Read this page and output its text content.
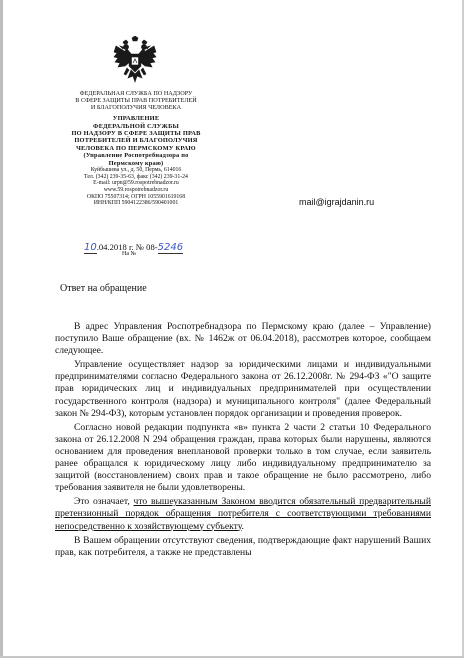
ФЕДЕРАЛЬНАЯ СЛУЖБА ПО НАДЗОРУ
В СФЕРЕ ЗАЩИТЫ ПРАВ ПОТРЕБИТЕЛЕЙ
И БЛАГОПОЛУЧИЯ ЧЕЛОВЕКА
УПРАВЛЕНИЕ
ФЕДЕРАЛЬНОЙ СЛУЖБЫ
ПО НАДЗОРУ В СФЕРЕ ЗАЩИТЫ ПРАВ
ПОТРЕБИТЕЛЕЙ И БЛАГОПОЛУЧИЯ
ЧЕЛОВЕКА ПО ПЕРМСКОМУ КРАЮ
(Управление Роспотребнадзора по
Пермскому краю)
Куйбышева ул., д. 50, Пермь, 614016
Тел. (342) 239-35-63, факс (342) 239-31-24
E-mail: urpn@59.rospotrebnadzor.ru
www.59.rospotrebnadzor.ru
ОКПО 75507314; ОГРН 1055901619168
ИНН/КПП 5904122386/590401001	mail@igrajdanin.ru
10.04.2018 г. № 08-5246
На №
Ответ на обращение

В адрес Управления Роспотребнадзора по Пермскому краю (далее – Управление) поступило Ваше обращение (вх. № 1462ж от 06.04.2018), рассмотрев которое, сообщаем следующее.

Управление осуществляет надзор за юридическими лицами и индивидуальными предпринимателями согласно Федерального закона от 26.12.2008г. № 294-ФЗ «"О защите прав юридических лиц и индивидуальных предпринимателей при осуществлении государственного контроля (надзора) и муниципального контроля" (далее Федеральный закон № 294-ФЗ), которым установлен порядок организации и проведения проверок.

Согласно новой редакции подпункта «в» пункта 2 части 2 статьи 10 Федерального закона от 26.12.2008 N 294 обращения граждан, права которых были нарушены, являются основанием для проведения внеплановой проверки только в том случае, если заявитель ранее обращался к юридическому лицу либо индивидуальному предпринимателю за защитой (восстановлением) своих прав и такое обращение не было рассмотрено, либо требования заявителя не были удовлетворены.

Это означает, что вышеуказанным Законом вводится обязательный предварительный претензионный порядок обращения потребителя с соответствующими требованиями непосредственно к хозяйствующему субъекту.

В Вашем обращении отсутствуют сведения, подтверждающие факт нарушений Ваших прав, как потребителя, а также не представлены
